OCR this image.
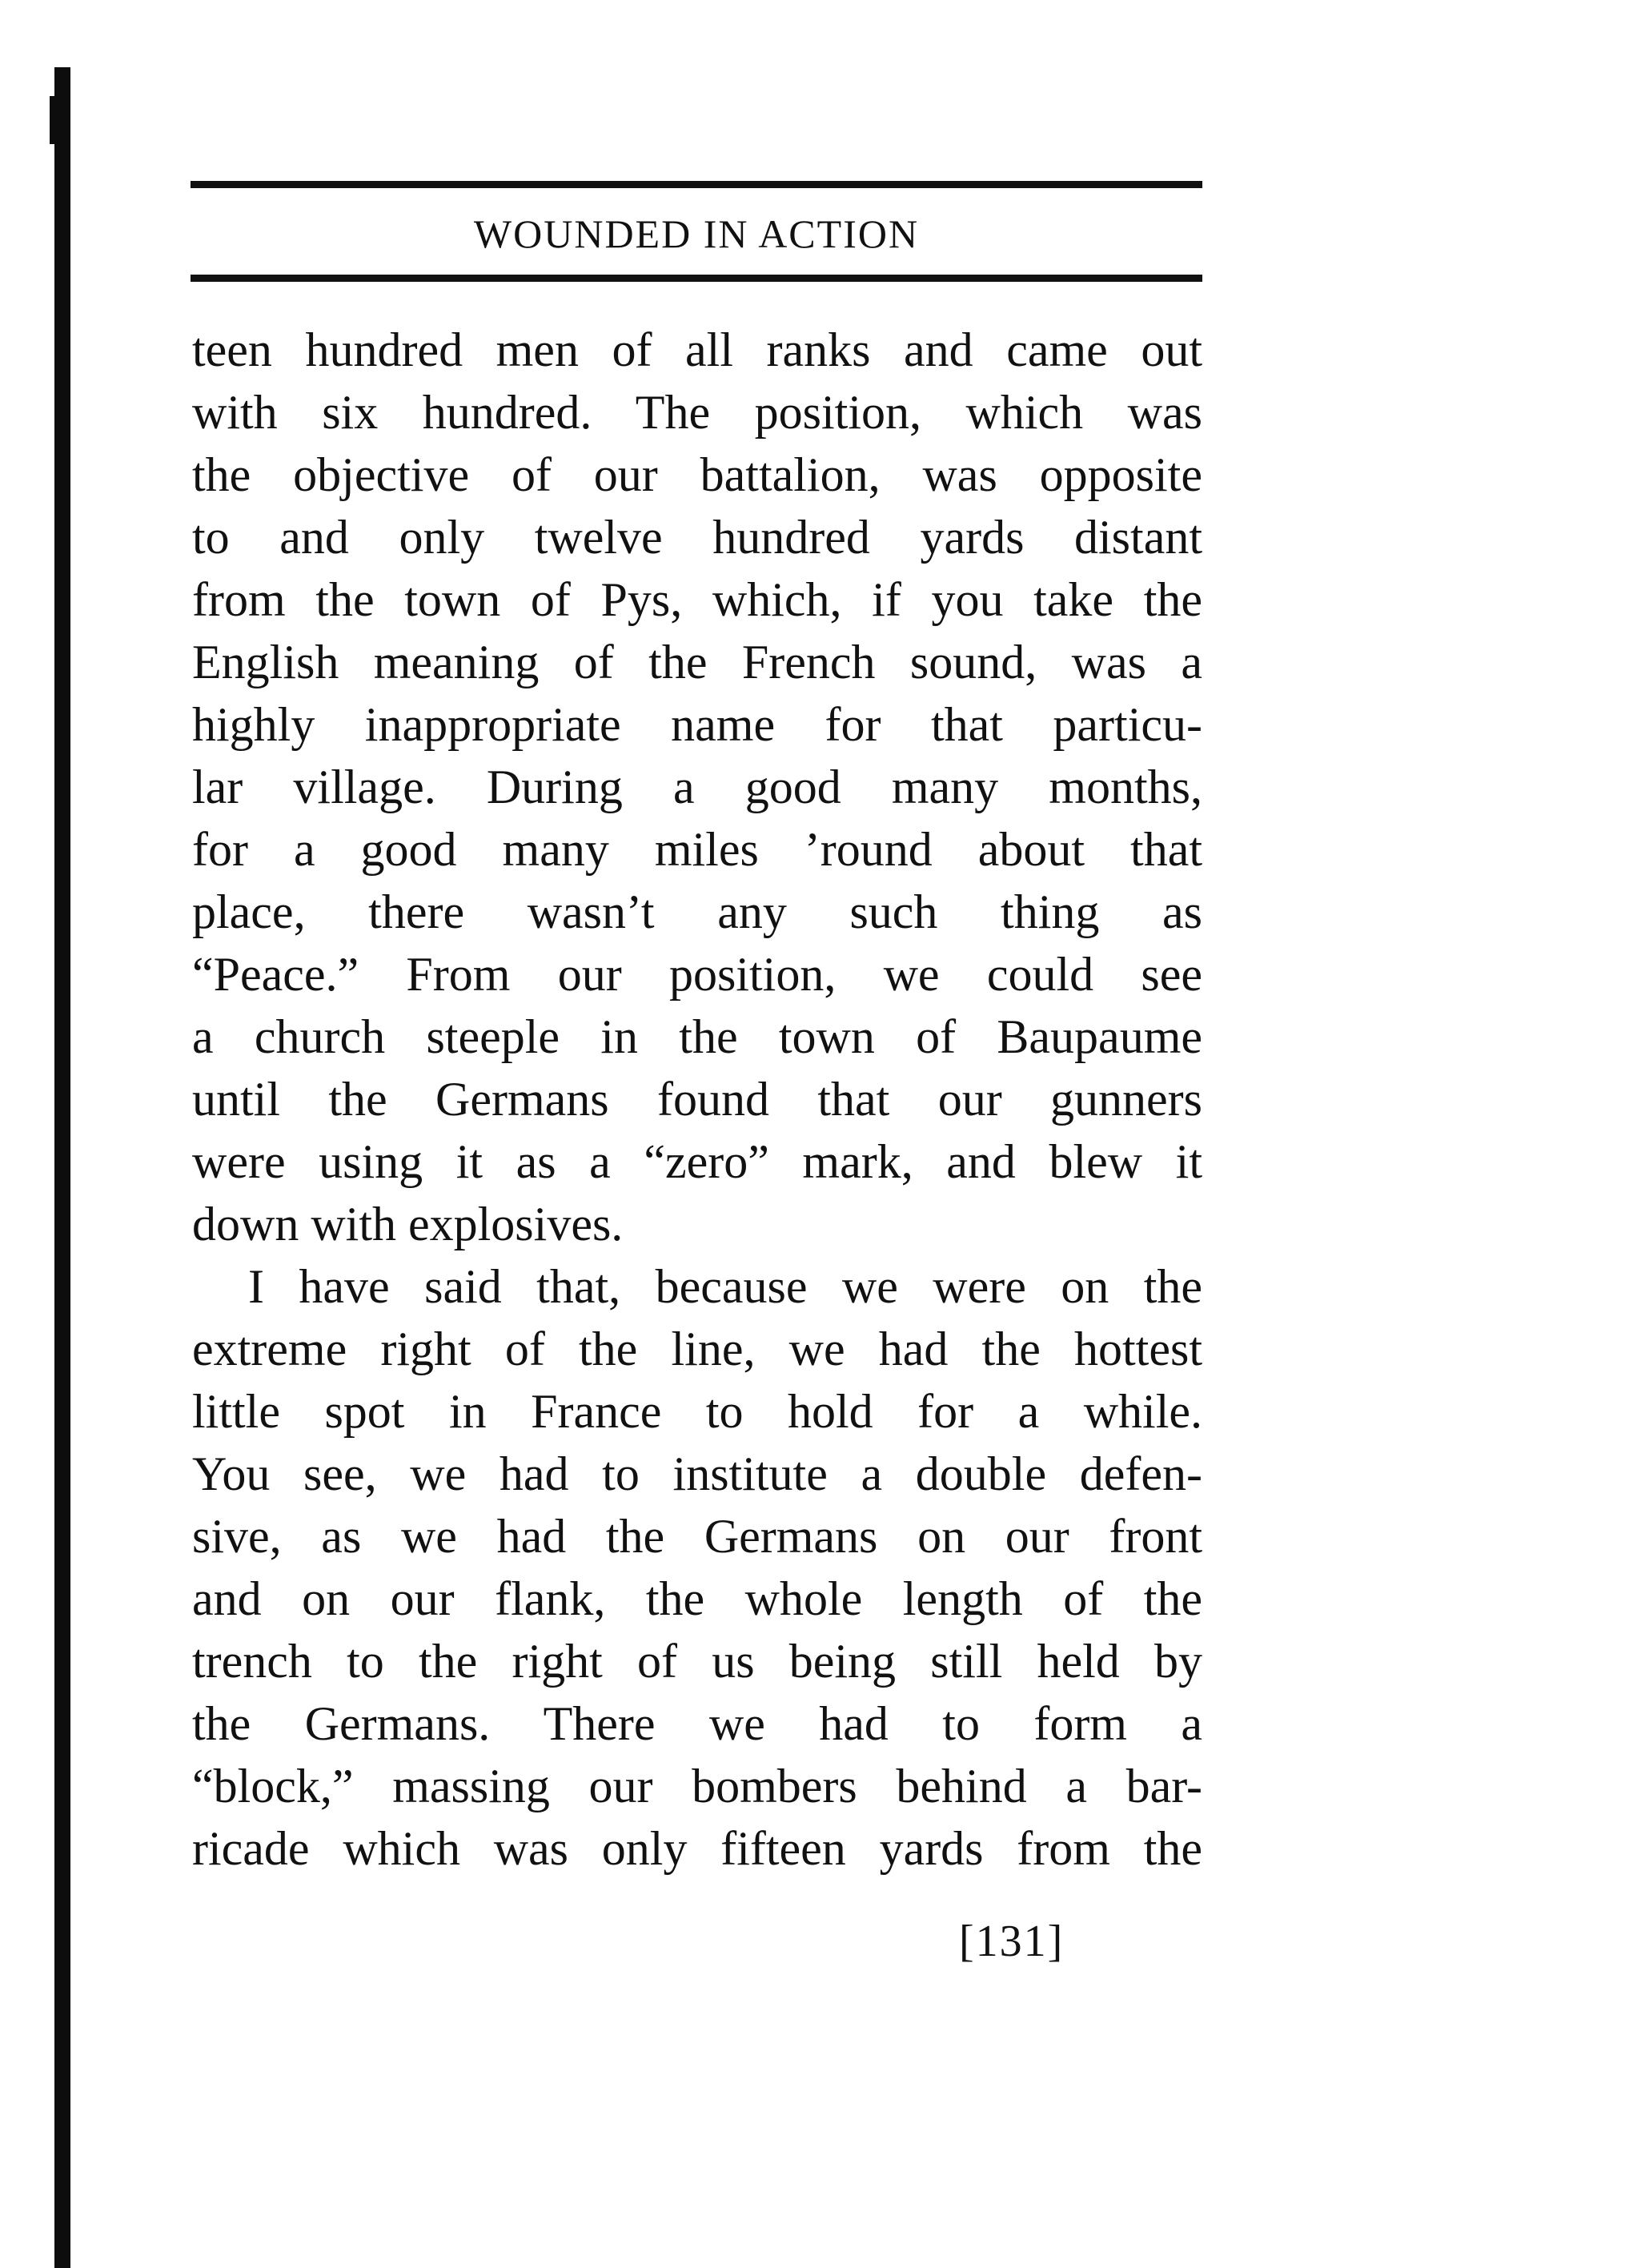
WOUNDED IN ACTION
teen hundred men of all ranks and came out
with six hundred. The position, which was
the objective of our battalion, was opposite
to and only twelve hundred yards distant
from the town of Pys, which, if you take the
English meaning of the French sound, was a
highly inappropriate name for that particu-
lar village. During a good many months,
for a good many miles ’round about that
place, there wasn’t any such thing as
“Peace.” From our position, we could see
a church steeple in the town of Baupaume
until the Germans found that our gunners
were using it as a “zero” mark, and blew it
down with explosives.
I have said that, because we were on the
extreme right of the line, we had the hottest
little spot in France to hold for a while.
You see, we had to institute a double defen-
sive, as we had the Germans on our front
and on our flank, the whole length of the
trench to the right of us being still held by
the Germans. There we had to form a
“block,” massing our bombers behind a bar-
ricade which was only fifteen yards from the
[131]
